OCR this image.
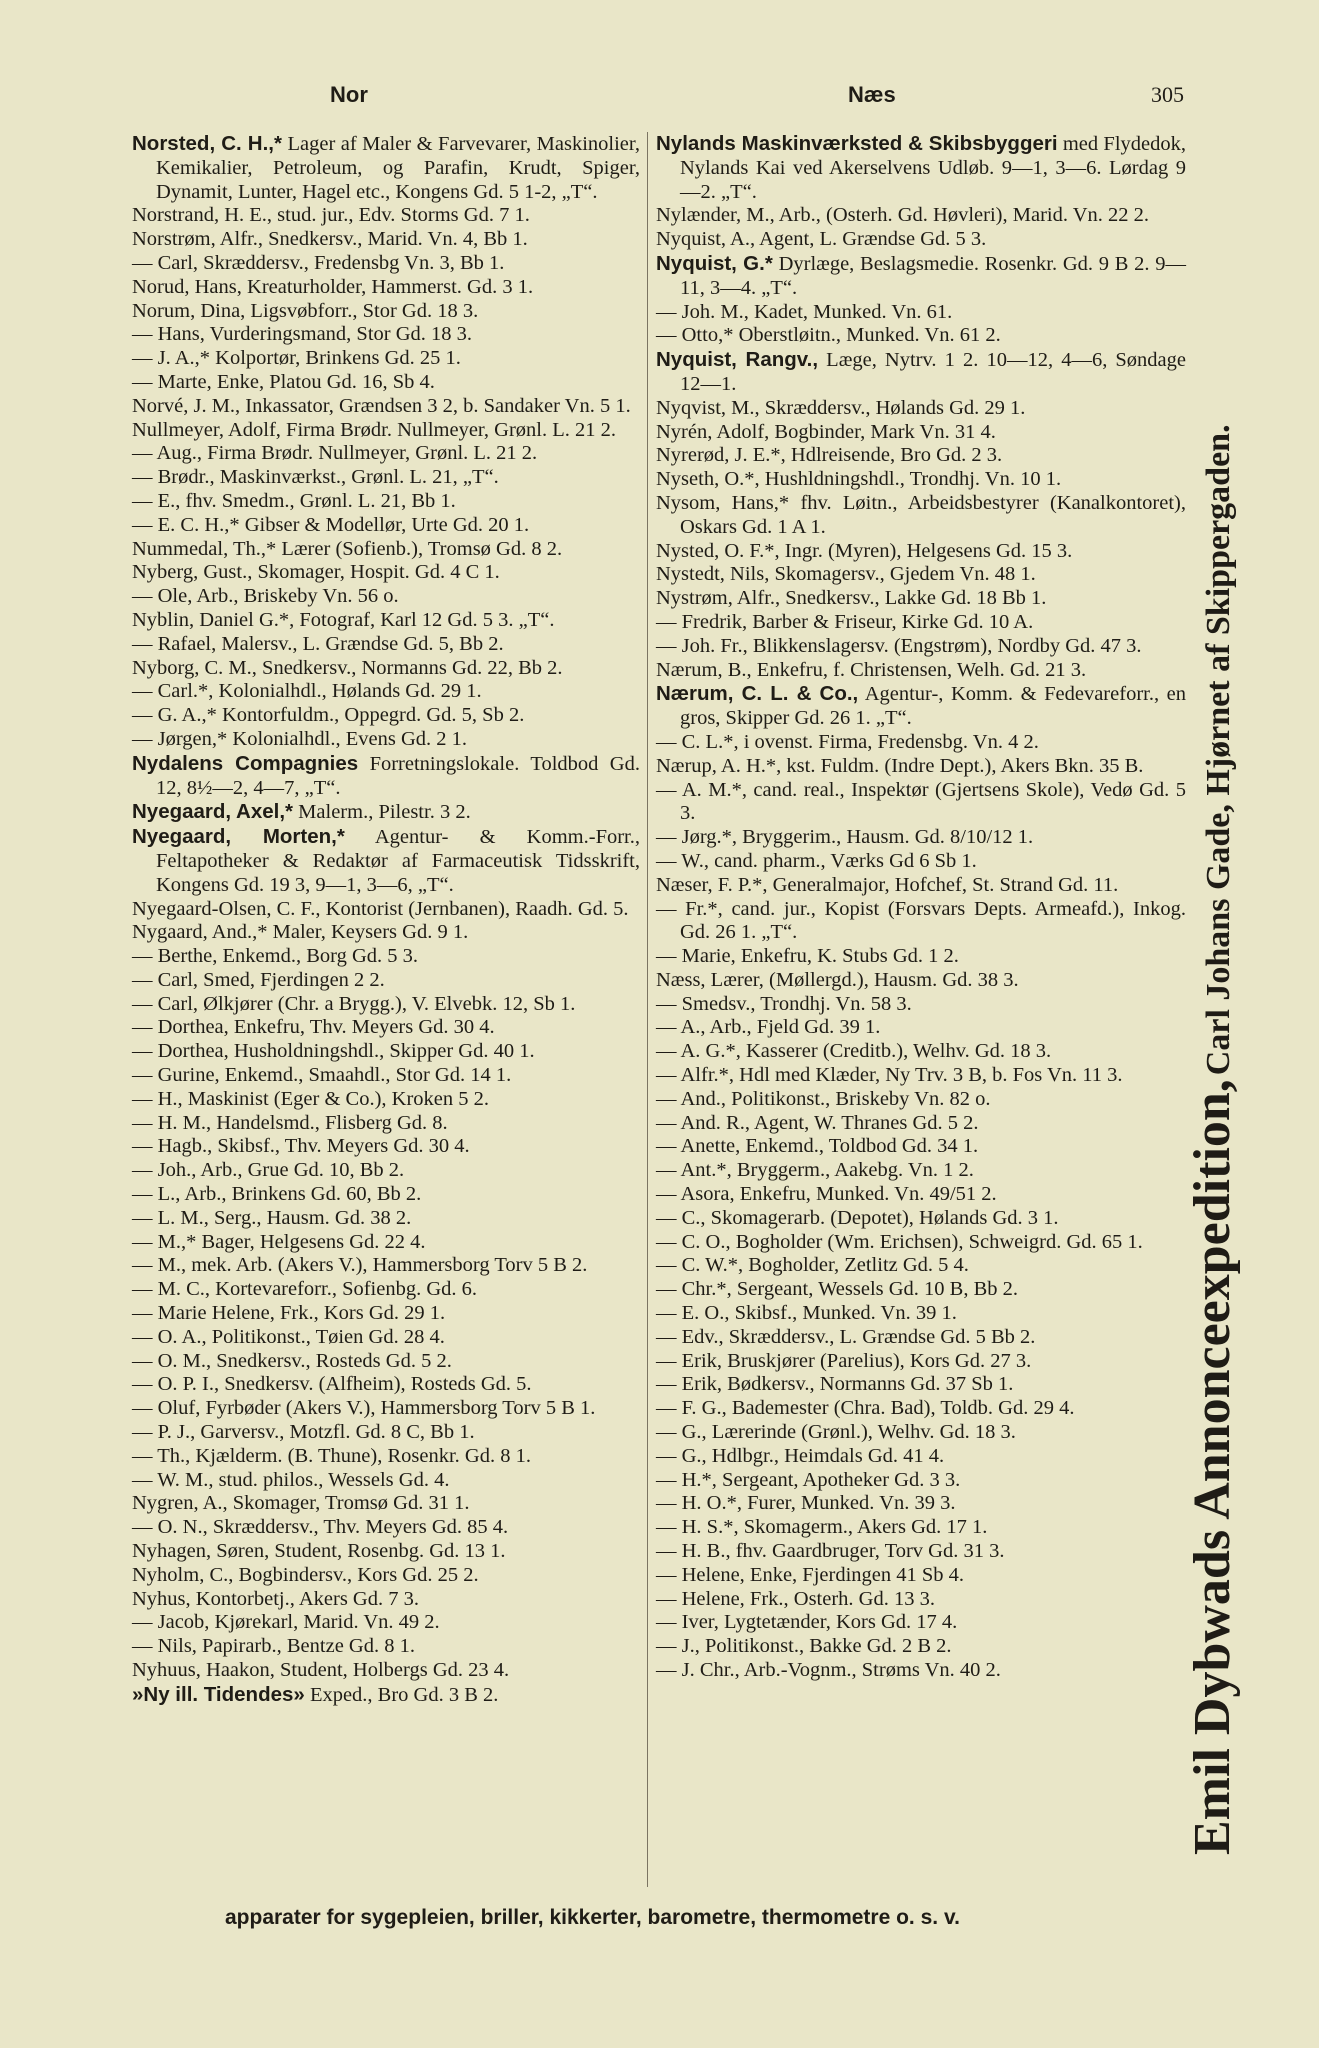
Nor	Næs	305
Norsted, C. H.,* Lager af Maler & Farvevarer, Maskinolier, Kemikalier, Petroleum, og Parafin, Krudt, Spiger, Dynamit, Lunter, Hagel etc., Kongens Gd. 5 1-2, „T“.
Norstrand, H. E., stud. jur., Edv. Storms Gd. 7 1.
Norstrøm, Alfr., Snedkersv., Marid. Vn. 4, Bb 1.
— Carl, Skræddersv., Fredensbg Vn. 3, Bb 1.
Norud, Hans, Kreaturholder, Hammerst. Gd. 3 1.
Norum, Dina, Ligsvøbforr., Stor Gd. 18 3.
— Hans, Vurderingsmand, Stor Gd. 18 3.
— J. A.,* Kolportør, Brinkens Gd. 25 1.
— Marte, Enke, Platou Gd. 16, Sb 4.
Norvé, J. M., Inkassator, Grændsen 3 2, b. Sandaker Vn. 5 1.
Nullmeyer, Adolf, Firma Brødr. Nullmeyer, Grønl. L. 21 2.
— Aug., Firma Brødr. Nullmeyer, Grønl. L. 21 2.
— Brødr., Maskinværkst., Grønl. L. 21, „T“.
— E., fhv. Smedm., Grønl. L. 21, Bb 1.
— E. C. H.,* Gibser & Modellør, Urte Gd. 20 1.
Nummedal, Th.,* Lærer (Sofienb.), Tromsø Gd. 8 2.
Nyberg, Gust., Skomager, Hospit. Gd. 4 C 1.
— Ole, Arb., Briskeby Vn. 56 o.
Nyblin, Daniel G.*, Fotograf, Karl 12 Gd. 5 3. „T“.
— Rafael, Malersv., L. Grændse Gd. 5, Bb 2.
Nyborg, C. M., Snedkersv., Normanns Gd. 22, Bb 2.
— Carl.*, Kolonialhdl., Hølands Gd. 29 1.
— G. A.,* Kontorfuldm., Oppegrd. Gd. 5, Sb 2.
— Jørgen,* Kolonialhdl., Evens Gd. 2 1.
Nydalens Compagnies Forretningslokale. Toldbod Gd. 12, 8½—2, 4—7, „T“.
Nyegaard, Axel,* Malerm., Pilestr. 3 2.
Nyegaard, Morten,* Agentur- & Komm.-Forr., Feltapotheker & Redaktør af Farmaceutisk Tidsskrift, Kongens Gd. 19 3, 9—1, 3—6, „T“.
Nyegaard-Olsen, C. F., Kontorist (Jernbanen), Raadh. Gd. 5.
Nygaard, And.,* Maler, Keysers Gd. 9 1.
— Berthe, Enkemd., Borg Gd. 5 3.
— Carl, Smed, Fjerdingen 2 2.
— Carl, Ølkjører (Chr. a Brygg.), V. Elvebk. 12, Sb 1.
— Dorthea, Enkefru, Thv. Meyers Gd. 30 4.
— Dorthea, Husholdningshdl., Skipper Gd. 40 1.
— Gurine, Enkemd., Smaahdl., Stor Gd. 14 1.
— H., Maskinist (Eger & Co.), Kroken 5 2.
— H. M., Handelsmd., Flisberg Gd. 8.
— Hagb., Skibsf., Thv. Meyers Gd. 30 4.
— Joh., Arb., Grue Gd. 10, Bb 2.
— L., Arb., Brinkens Gd. 60, Bb 2.
— L. M., Serg., Hausm. Gd. 38 2.
— M.,* Bager, Helgesens Gd. 22 4.
— M., mek. Arb. (Akers V.), Hammersborg Torv 5 B 2.
— M. C., Kortevareforr., Sofienbg. Gd. 6.
— Marie Helene, Frk., Kors Gd. 29 1.
— O. A., Politikonst., Tøien Gd. 28 4.
— O. M., Snedkersv., Rosteds Gd. 5 2.
— O. P. I., Snedkersv. (Alfheim), Rosteds Gd. 5.
— Oluf, Fyrbøder (Akers V.), Hammersborg Torv 5 B 1.
— P. J., Garversv., Motzfl. Gd. 8 C, Bb 1.
— Th., Kjælderm. (B. Thune), Rosenkr. Gd. 8 1.
— W. M., stud. philos., Wessels Gd. 4.
Nygren, A., Skomager, Tromsø Gd. 31 1.
— O. N., Skræddersv., Thv. Meyers Gd. 85 4.
Nyhagen, Søren, Student, Rosenbg. Gd. 13 1.
Nyholm, C., Bogbindersv., Kors Gd. 25 2.
Nyhus, Kontorbetj., Akers Gd. 7 3.
— Jacob, Kjørekarl, Marid. Vn. 49 2.
— Nils, Papirarb., Bentze Gd. 8 1.
Nyhuus, Haakon, Student, Holbergs Gd. 23 4.
»Ny ill. Tidendes» Exped., Bro Gd. 3 B 2.
Nylands Maskinværksted & Skibsbyggeri med Flydedok, Nylands Kai ved Akerselvens Udløb. 9—1, 3—6. Lørdag 9—2. „T“.
Nylænder, M., Arb., (Osterh. Gd. Høvleri), Marid. Vn. 22 2.
Nyquist, A., Agent, L. Grændse Gd. 5 3.
Nyquist, G.* Dyrlæge, Beslagsmedie. Rosenkr. Gd. 9 B 2. 9—11, 3—4. „T“.
— Joh. M., Kadet, Munked. Vn. 61.
— Otto,* Oberstløitn., Munked. Vn. 61 2.
Nyquist, Rangv., Læge, Nytrv. 1 2. 10—12, 4—6, Søndage 12—1.
Nyqvist, M., Skræddersv., Hølands Gd. 29 1.
Nyrén, Adolf, Bogbinder, Mark Vn. 31 4.
Nyrerød, J. E.*, Hdlreisende, Bro Gd. 2 3.
Nyseth, O.*, Hushldningshdl., Trondhj. Vn. 10 1.
Nysom, Hans,* fhv. Løitn., Arbeidsbestyrer (Kanalkontoret), Oskars Gd. 1 A 1.
Nysted, O. F.*, Ingr. (Myren), Helgesens Gd. 15 3.
Nystedt, Nils, Skomagersv., Gjedem Vn. 48 1.
Nystrøm, Alfr., Snedkersv., Lakke Gd. 18 Bb 1.
— Fredrik, Barber & Friseur, Kirke Gd. 10 A.
— Joh. Fr., Blikkenslagersv. (Engstrøm), Nordby Gd. 47 3.
Nærum, B., Enkefru, f. Christensen, Welh. Gd. 21 3.
Nærum, C. L. & Co., Agentur-, Komm. & Fedevareforr., en gros, Skipper Gd. 26 1. „T“.
— C. L.*, i ovenst. Firma, Fredensbg. Vn. 4 2.
Nærup, A. H.*, kst. Fuldm. (Indre Dept.), Akers Bkn. 35 B.
— A. M.*, cand. real., Inspektør (Gjertsens Skole), Vedø Gd. 5 3.
— Jørg.*, Bryggerim., Hausm. Gd. 8/10/12 1.
— W., cand. pharm., Værks Gd 6 Sb 1.
Næser, F. P.*, Generalmajor, Hofchef, St. Strand Gd. 11.
— Fr.*, cand. jur., Kopist (Forsvars Depts. Armeafd.), Inkog. Gd. 26 1. „T“.
— Marie, Enkefru, K. Stubs Gd. 1 2.
Næss, Lærer, (Møllergd.), Hausm. Gd. 38 3.
— Smedsv., Trondhj. Vn. 58 3.
— A., Arb., Fjeld Gd. 39 1.
— A. G.*, Kasserer (Creditb.), Welhv. Gd. 18 3.
— Alfr.*, Hdl med Klæder, Ny Trv. 3 B, b. Fos Vn. 11 3.
— And., Politikonst., Briskeby Vn. 82 o.
— And. R., Agent, W. Thranes Gd. 5 2.
— Anette, Enkemd., Toldbod Gd. 34 1.
— Ant.*, Bryggerm., Aakebg. Vn. 1 2.
— Asora, Enkefru, Munked. Vn. 49/51 2.
— C., Skomagerarb. (Depotet), Hølands Gd. 3 1.
— C. O., Bogholder (Wm. Erichsen), Schweigrd. Gd. 65 1.
— C. W.*, Bogholder, Zetlitz Gd. 5 4.
— Chr.*, Sergeant, Wessels Gd. 10 B, Bb 2.
— E. O., Skibsf., Munked. Vn. 39 1.
— Edv., Skræddersv., L. Grændse Gd. 5 Bb 2.
— Erik, Bruskjører (Parelius), Kors Gd. 27 3.
— Erik, Bødkersv., Normanns Gd. 37 Sb 1.
— F. G., Bademester (Chra. Bad), Toldb. Gd. 29 4.
— G., Lærerinde (Grønl.), Welhv. Gd. 18 3.
— G., Hdlbgr., Heimdals Gd. 41 4.
— H.*, Sergeant, Apotheker Gd. 3 3.
— H. O.*, Furer, Munked. Vn. 39 3.
— H. S.*, Skomagerm., Akers Gd. 17 1.
— H. B., fhv. Gaardbruger, Torv Gd. 31 3.
— Helene, Enke, Fjerdingen 41 Sb 4.
— Helene, Frk., Osterh. Gd. 13 3.
— Iver, Lygtetænder, Kors Gd. 17 4.
— J., Politikonst., Bakke Gd. 2 B 2.
— J. Chr., Arb.-Vognm., Strøms Vn. 40 2.	Emil Dybwads Annonceexpedition, Carl Johans Gade, Hjørnet af Skippergaden.
apparater for sygepleien, briller, kikkerter, barometre, thermometre o. s. v.
